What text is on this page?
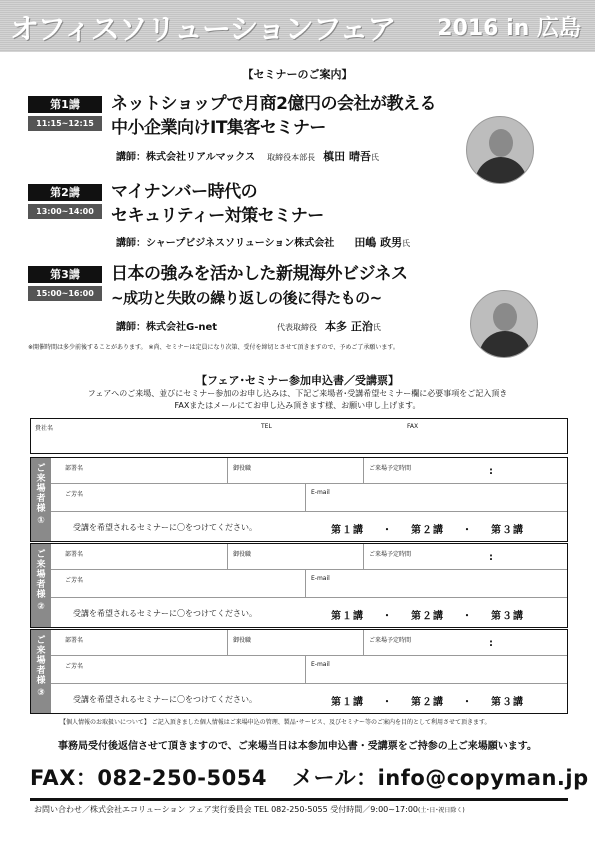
オフィスソリューションフェア 2016 in 広島
【セミナーのご案内】
第1講
11:15~12:15
ネットショップで月商2億円の会社が教える
中小企業向けIT集客セミナー
講師：株式会社リアルマックス 取締役本部長 槙田 晴吾氏
第2講
13:00~14:00
マイナンバー時代の
セキュリティー対策セミナー
講師：シャープビジネスソリューション株式会社 田嶋 政男氏
第3講
15:00~16:00
日本の強みを活かした新規海外ビジネス
~成功と失敗の繰り返しの後に得たもの~
講師：株式会社G-net	代表取締役 本多 正治氏
※開催時間は多少前後することがあります。 ※尚、セミナーは定員になり次第、受付を締切とさせて頂きますので、予めご了承願います。
【フェア･セミナー参加申込書／受講票】
フェアへのご来場、並びにセミナー参加のお申し込みは、下記ご来場者･受講希望セミナー欄に必要事項をご記入頂き
FAXまたはメールにてお申し込み頂きます様、お願い申し上げます。
貴社名	TEL	FAX
ご
来
場
者
様
①
部署名	御役職	ご来場予定時間	:
ご芳名	E-mail
受講を希望されるセミナーに〇をつけてください。	第１講 ・ 第２講 ・ 第３講
ご
来
場
者
様
②
部署名	御役職	ご来場予定時間	:
ご芳名	E-mail
受講を希望されるセミナーに〇をつけてください。	第１講 ・ 第２講 ・ 第３講
ご
来
場
者
様
③
部署名	御役職	ご来場予定時間	:
ご芳名	E-mail
受講を希望されるセミナーに〇をつけてください。	第１講 ・ 第２講 ・ 第３講
【個人情報のお取扱いについて】 ご記入頂きました個人情報はご来場申込の管理、製品･サービス、及びセミナー等のご案内を目的として利用させて頂きます。
事務局受付後返信させて頂きますので、ご来場当日は本参加申込書・受講票をご持参の上ご来場願います。
FAX：082-250-5054 メール：info@copyman.jp
お問い合わせ／株式会社エコリューション フェア実行委員会 TEL 082-250-5055 受付時間／9:00~17:00(土･日･祝日除く)
